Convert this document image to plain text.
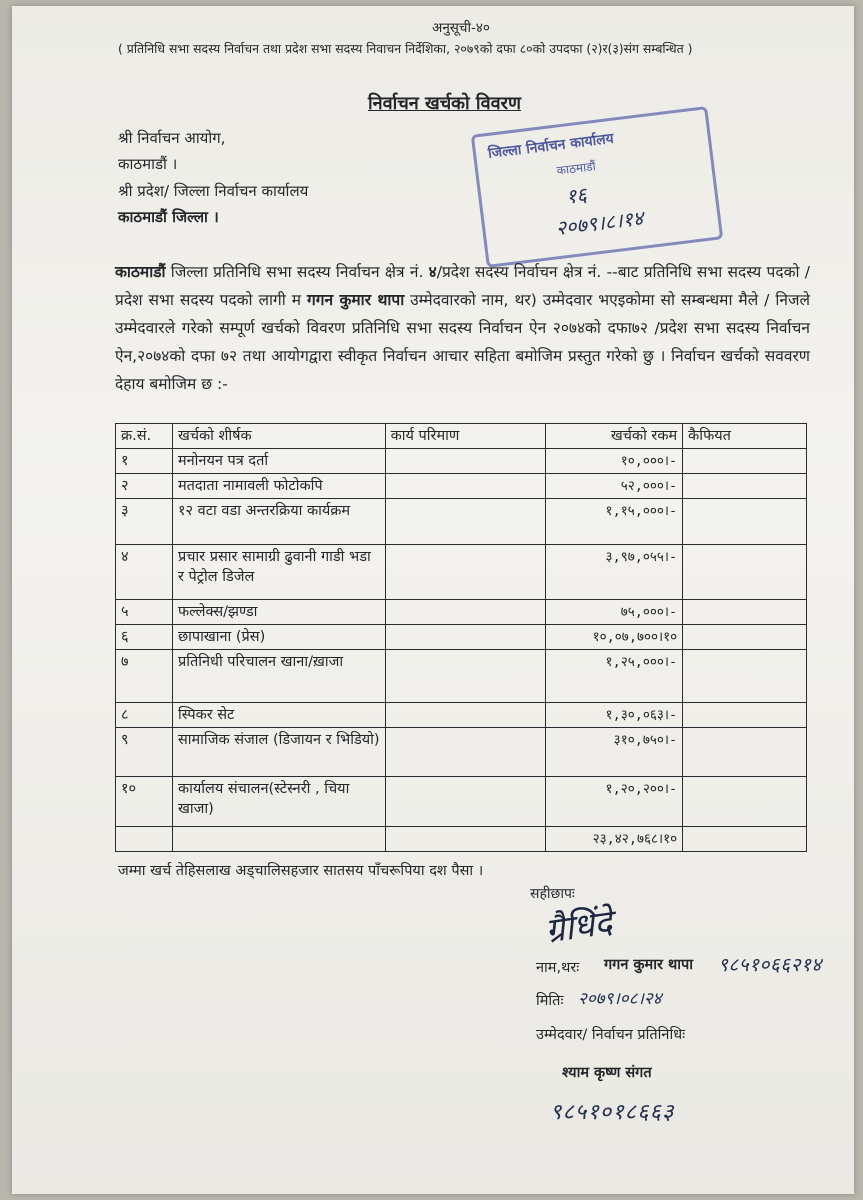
अनुसूची-४०
( प्रतिनिधि सभा सदस्य निर्वाचन तथा प्रदेश सभा सदस्य निवाचन निर्देशिका, २०७९को दफा ८०को उपदफा (२)र(३)संग सम्बन्धित )
निर्वाचन खर्चको विवरण
श्री निर्वाचन आयोग,
काठमाडौं ।
श्री प्रदेश/ जिल्ला निर्वाचन कार्यालय
काठमाडौं जिल्ला ।
जिल्ला निर्वाचन कार्यालय
काठमाडौं
१६
२०७९।८।१४
काठमाडौं जिल्ला प्रतिनिधि सभा सदस्य निर्वाचन क्षेत्र नं. ४/प्रदेश सदस्य निर्वाचन क्षेत्र नं. --बाट प्रतिनिधि सभा सदस्य पदको / प्रदेश सभा सदस्य पदको लागी म गगन कुमार थापा उम्मेदवारको नाम, थर) उम्मेदवार भएइकोमा सो सम्बन्धमा मैले / निजले उम्मेदवारले गरेको सम्पूर्ण खर्चको विवरण प्रतिनिधि सभा सदस्य निर्वाचन ऐन २०७४को दफा७२ /प्रदेश सभा सदस्य निर्वाचन ऐन,२०७४को दफा ७२ तथा आयोगद्वारा स्वीकृत निर्वाचन आचार सहिता बमोजिम प्रस्तुत गरेको छु । निर्वाचन खर्चको सववरण देहाय बमोजिम छ :-
क्र.सं.	खर्चको शीर्षक	कार्य परिमाण	खर्चको रकम	कैफियत
१	मनोनयन पत्र दर्ता		१०,०००।-	
२	मतदाता नामावली फोटोकपि		५२,०००।-	
३	१२ वटा वडा अन्तरक्रिया कार्यक्रम		१,१५,०००।-	
४	प्रचार प्रसार सामाग्री ढुवानी गाडी भडा र पेट्रोल डिजेल		३,९७,०५५।-	
५	फल्लेक्स/झण्डा		७५,०००।-	
६	छापाखाना (प्रेस)		१०,०७,७००।१०	
७	प्रतिनिधी परिचालन खाना/ख़ाजा		१,२५,०००।-	
८	स्पिकर सेट		१,३०,०६३।-	
९	सामाजिक संजाल (डिजायन र भिडियो)		३१०,७५०।-	
१०	कार्यालय संचालन(स्टेस्नरी , चिया खाजा)		१,२०,२००।-	
			२३,४२,७६८।१०	
जम्मा खर्च तेहिसलाख अड्चालिसहजार सातसय पाँचरूपिया दश पैसा ।
सहीछापः
ग्रैधिंदे
नाम,थरः गगन कुमार थापा ९८५१०६६२१४
मितिः २०७९।०८।२४
उम्मेदवार/ निर्वाचन प्रतिनिधिः
श्याम कृष्ण संगत
९८५१०१८६६३
